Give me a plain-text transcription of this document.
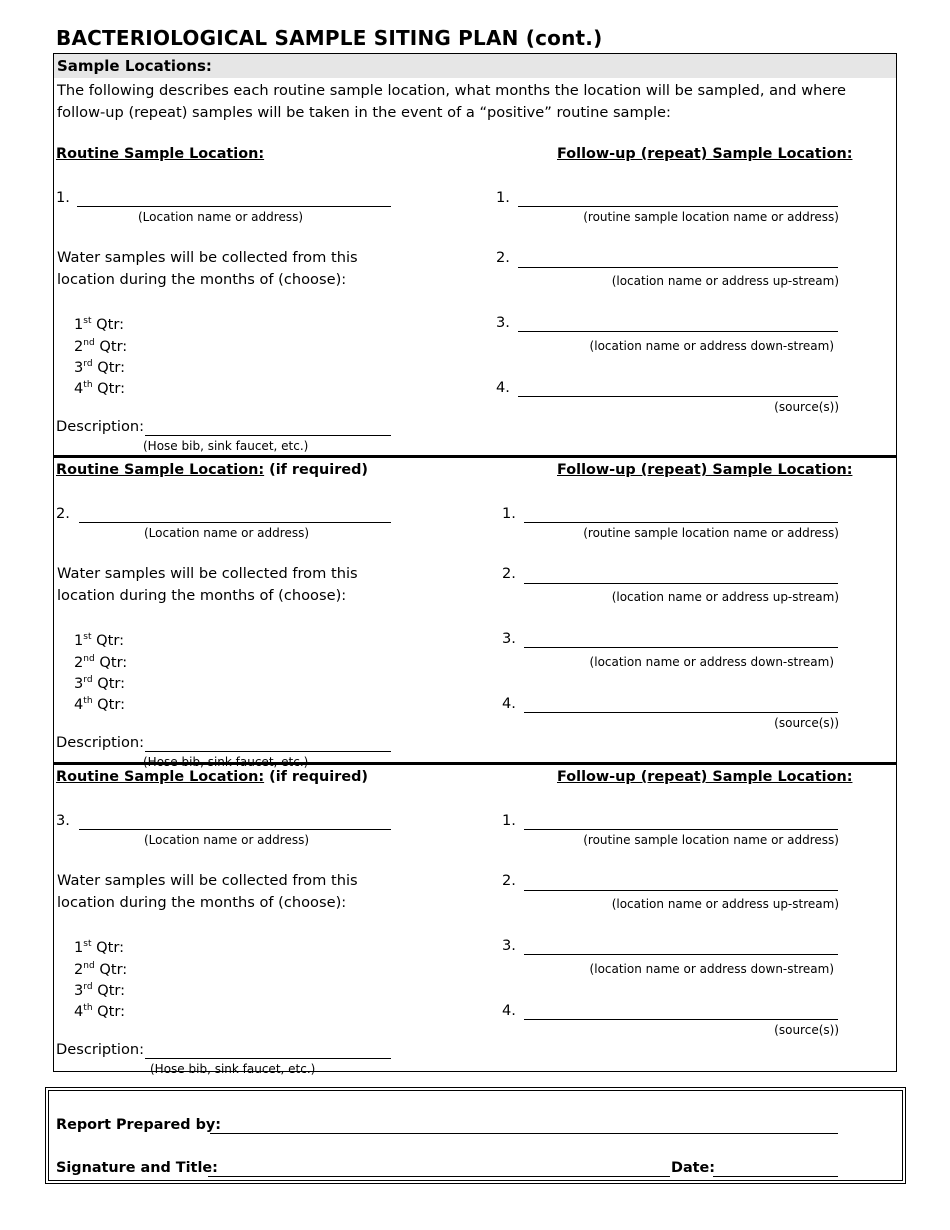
BACTERIOLOGICAL SAMPLE SITING PLAN (cont.)
Sample Locations:
The following describes each routine sample location, what months the location will be sampled, and where follow-up (repeat) samples will be taken in the event of a “positive” routine sample:
Routine Sample Location:	Follow-up (repeat) Sample Location:
1.
(Location name or address)
Water samples will be collected from this
location during the months of (choose):
1st Qtr:
2nd Qtr:
3rd Qtr:
4th Qtr:
Description:
(Hose bib, sink faucet, etc.)
1.
(routine sample location name or address)
2.
(location name or address up-stream)
3.
(location name or address down-stream)
4.
(source(s))
Routine Sample Location: (if required)	Follow-up (repeat) Sample Location:
2.
(Location name or address)
Water samples will be collected from this
location during the months of (choose):
1st Qtr:
2nd Qtr:
3rd Qtr:
4th Qtr:
Description:
(Hose bib, sink faucet, etc.)
1.
(routine sample location name or address)
2.
(location name or address up-stream)
3.
(location name or address down-stream)
4.
(source(s))
Routine Sample Location: (if required)	Follow-up (repeat) Sample Location:
3.
(Location name or address)
Water samples will be collected from this
location during the months of (choose):
1st Qtr:
2nd Qtr:
3rd Qtr:
4th Qtr:
Description:
(Hose bib, sink faucet, etc.)
1.
(routine sample location name or address)
2.
(location name or address up-stream)
3.
(location name or address down-stream)
4.
(source(s))
Report Prepared by:
Signature and Title:	Date:
